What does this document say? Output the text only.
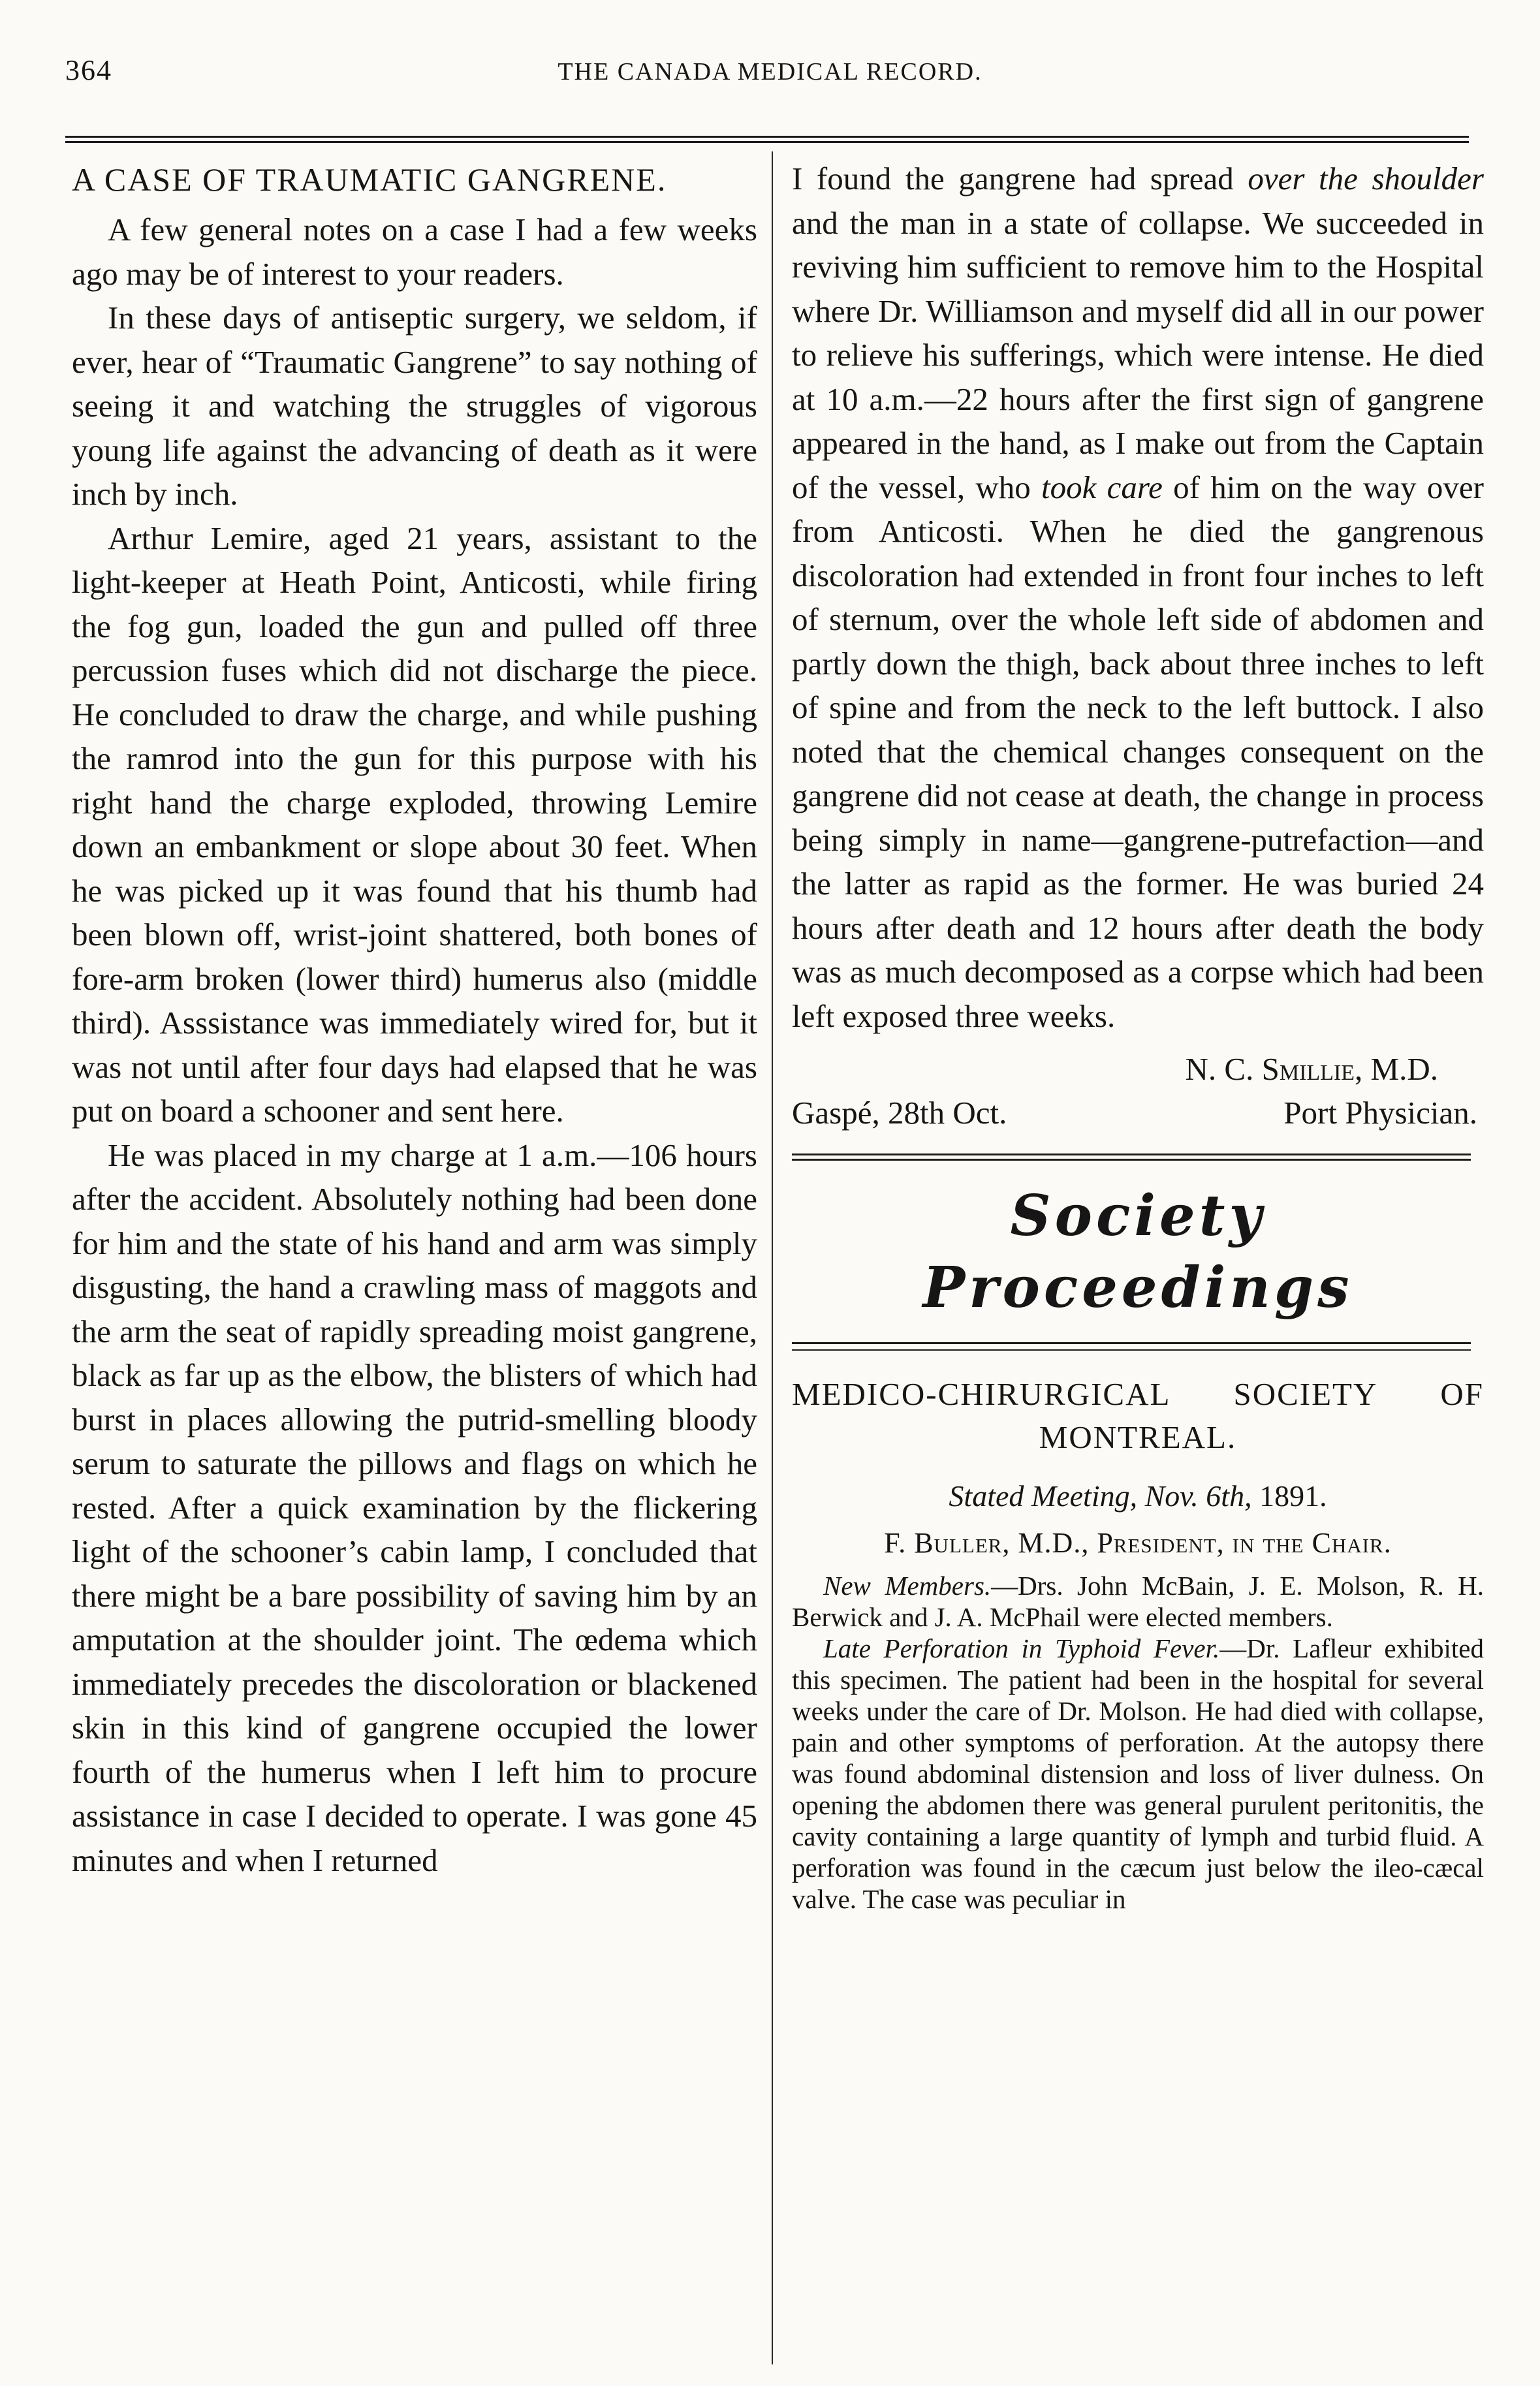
364	THE CANADA MEDICAL RECORD.
A CASE OF TRAUMATIC GANGRENE.

A few general notes on a case I had a few weeks ago may be of interest to your readers.

In these days of antiseptic surgery, we seldom, if ever, hear of “Traumatic Gangrene” to say nothing of seeing it and watching the struggles of vigorous young life against the advancing of death as it were inch by inch.

Arthur Lemire, aged 21 years, assistant to the light-keeper at Heath Point, Anticosti, while firing the fog gun, loaded the gun and pulled off three percussion fuses which did not discharge the piece. He concluded to draw the charge, and while pushing the ramrod into the gun for this purpose with his right hand the charge exploded, throwing Lemire down an embankment or slope about 30 feet. When he was picked up it was found that his thumb had been blown off, wrist-joint shattered, both bones of fore-arm broken (lower third) humerus also (middle third). Asssistance was immediately wired for, but it was not until after four days had elapsed that he was put on board a schooner and sent here.

He was placed in my charge at 1 a.m.—106 hours after the accident. Absolutely nothing had been done for him and the state of his hand and arm was simply disgusting, the hand a crawling mass of maggots and the arm the seat of rapidly spreading moist gangrene, black as far up as the elbow, the blisters of which had burst in places allowing the putrid-smelling bloody serum to saturate the pillows and flags on which he rested. After a quick examination by the flickering light of the schooner’s cabin lamp, I concluded that there might be a bare possibility of saving him by an amputation at the shoulder joint. The œdema which immediately precedes the discoloration or blackened skin in this kind of gangrene occupied the lower fourth of the humerus when I left him to procure assistance in case I decided to operate. I was gone 45 minutes and when I returned

I found the gangrene had spread over the shoulder and the man in a state of collapse. We succeeded in reviving him sufficient to remove him to the Hospital where Dr. Williamson and myself did all in our power to relieve his sufferings, which were intense. He died at 10 a.m.—22 hours after the first sign of gangrene appeared in the hand, as I make out from the Captain of the vessel, who took care of him on the way over from Anticosti. When he died the gangrenous discoloration had extended in front four inches to left of sternum, over the whole left side of abdomen and partly down the thigh, back about three inches to left of spine and from the neck to the left buttock. I also noted that the chemical changes consequent on the gangrene did not cease at death, the change in process being simply in name—gangrene-putrefaction—and the latter as rapid as the former. He was buried 24 hours after death and 12 hours after death the body was as much decomposed as a corpse which had been left exposed three weeks.

N. C. Smillie, M.D.
Gaspé, 28th Oct.	Port Physician.
Society Proceedings
MEDICO-CHIRURGICAL SOCIETY OF
MONTREAL.
Stated Meeting, Nov. 6th, 1891.
F. Buller, M.D., President, in the Chair.

New Members.—Drs. John McBain, J. E. Molson, R. H. Berwick and J. A. McPhail were elected members.

Late Perforation in Typhoid Fever.—Dr. Lafleur exhibited this specimen. The patient had been in the hospital for several weeks under the care of Dr. Molson. He had died with collapse, pain and other symptoms of perforation. At the autopsy there was found abdominal distension and loss of liver dulness. On opening the abdomen there was general purulent peritonitis, the cavity containing a large quantity of lymph and turbid fluid. A perforation was found in the cæcum just below the ileo-cæcal valve. The case was peculiar in
